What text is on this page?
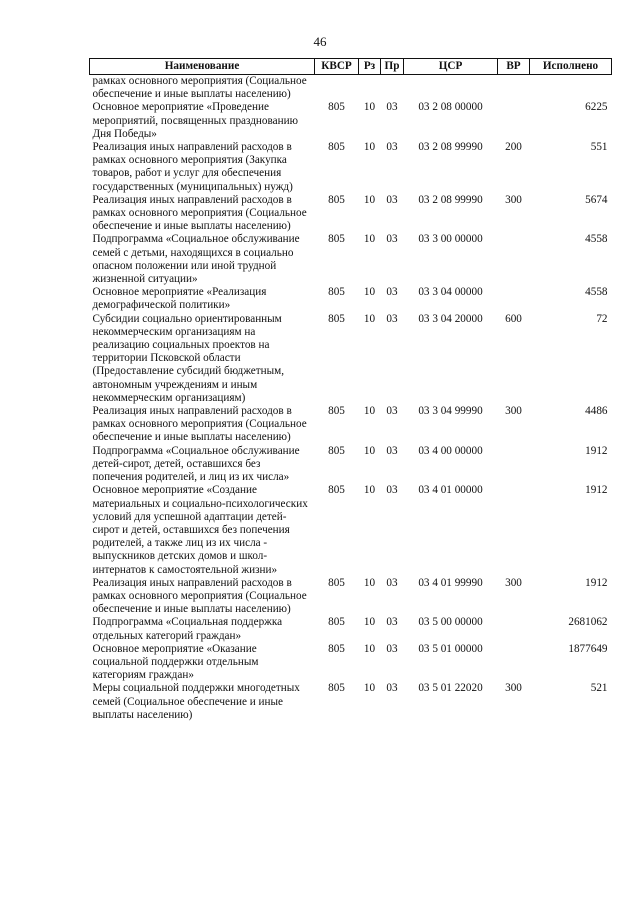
46
Наименование	КВСР	Рз	Пр	ЦСР	ВР	Исполнено
рамках основного мероприятия (Социальное обеспечение и иные выплаты населению)						
Основное мероприятие «Проведение мероприятий, посвященных празднованию Дня Победы»	805	10	03	03 2 08 00000		6225
Реализация иных направлений расходов в рамках основного мероприятия (Закупка товаров, работ и услуг для обеспечения государственных (муниципальных) нужд)	805	10	03	03 2 08 99990	200	551
Реализация иных направлений расходов в рамках основного мероприятия (Социальное обеспечение и иные выплаты населению)	805	10	03	03 2 08 99990	300	5674
Подпрограмма «Социальное обслуживание семей с детьми, находящихся в социально опасном положении или иной трудной жизненной ситуации»	805	10	03	03 3 00 00000		4558
Основное мероприятие «Реализация демографической политики»	805	10	03	03 3 04 00000		4558
Субсидии социально ориентированным некоммерческим организациям на реализацию социальных проектов на территории Псковской области (Предоставление субсидий бюджетным, автономным учреждениям и иным некоммерческим организациям)	805	10	03	03 3 04 20000	600	72
Реализация иных направлений расходов в рамках основного мероприятия (Социальное обеспечение и иные выплаты населению)	805	10	03	03 3 04 99990	300	4486
Подпрограмма «Социальное обслуживание детей-сирот, детей, оставшихся без попечения родителей, и лиц из их числа»	805	10	03	03 4 00 00000		1912
Основное мероприятие «Создание материальных и социально-психологических условий для успешной адаптации детей-сирот и детей, оставшихся без попечения родителей, а также лиц из их числа - выпускников детских домов и школ-интернатов к самостоятельной жизни»	805	10	03	03 4 01 00000		1912
Реализация иных направлений расходов в рамках основного мероприятия (Социальное обеспечение и иные выплаты населению)	805	10	03	03 4 01 99990	300	1912
Подпрограмма «Социальная поддержка отдельных категорий граждан»	805	10	03	03 5 00 00000		2681062
Основное мероприятие «Оказание социальной поддержки отдельным категориям граждан»	805	10	03	03 5 01 00000		1877649
Меры социальной поддержки многодетных семей (Социальное обеспечение и иные выплаты населению)	805	10	03	03 5 01 22020	300	521
